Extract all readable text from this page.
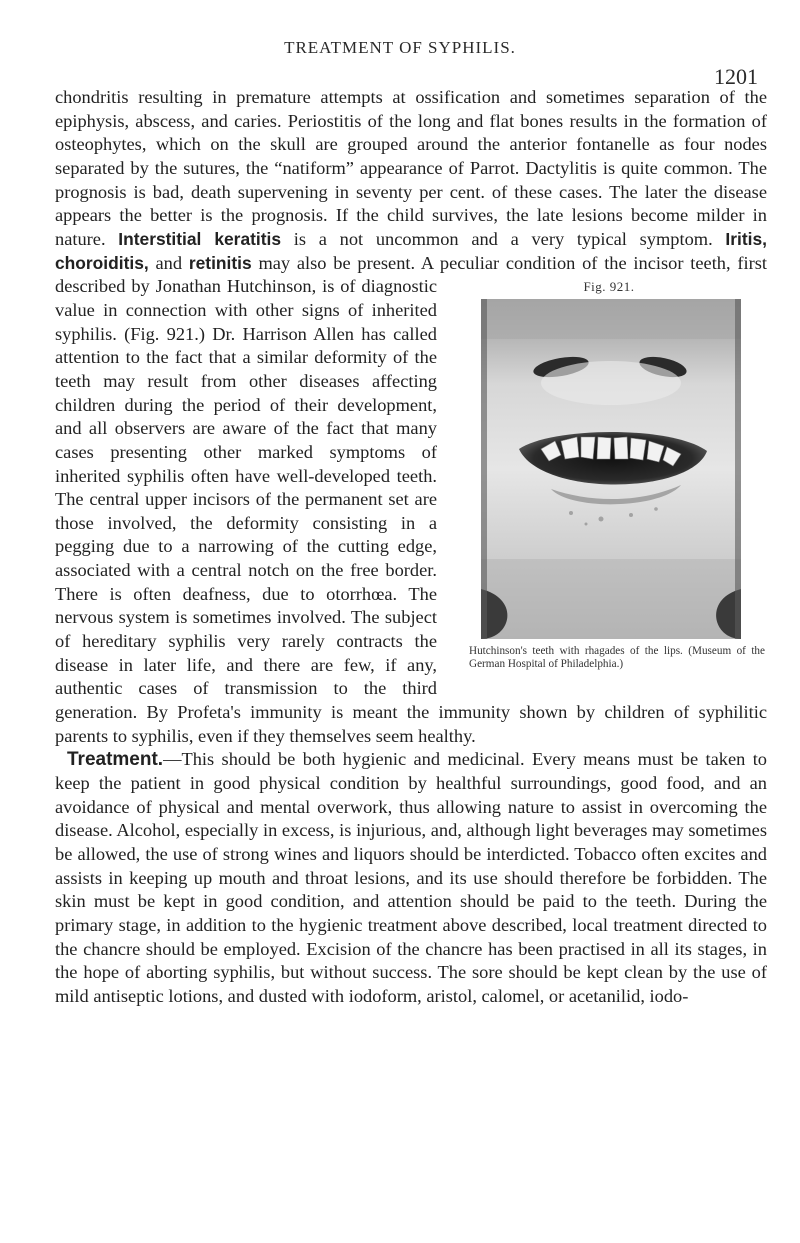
TREATMENT OF SYPHILIS.
1201

chondritis resulting in premature attempts at ossification and sometimes separation of the epiphysis, abscess, and caries. Periostitis of the long and flat bones results in the formation of osteophytes, which on the skull are grouped around the anterior fontanelle as four nodes separated by the sutures, the “natiform” appearance of Parrot. Dactylitis is quite common. The prognosis is bad, death supervening in seventy per cent. of these cases. The later the disease appears the better is the prognosis. If the child survives, the late lesions become milder in nature. Interstitial keratitis is a not uncommon and a very typical symptom. Iritis, choroiditis, and retinitis may also be present. A peculiar condition of the incisor teeth,
Fig. 921.
Hutchinson's teeth with rhagades of the lips. (Museum of the German Hospital of Philadelphia.)
first described by Jonathan Hutchinson, is of diagnostic value in connection with other signs of inherited syphilis. (Fig. 921.) Dr. Harrison Allen has called attention to the fact that a similar deformity of the teeth may result from other diseases affecting children during the period of their development, and all observers are aware of the fact that many cases presenting other marked symptoms of inherited syphilis often have well-developed teeth. The central upper incisors of the permanent set are those involved, the deformity consisting in a pegging due to a narrowing of the cutting edge, associated with a central notch on the free border. There is often deafness, due to otorrhœa. The nervous system is sometimes involved. The subject of hereditary syphilis very rarely contracts the disease in later life, and there are few, if any, authentic cases of transmission to the third generation. By Profeta's immunity is meant the immunity shown by children of syphilitic parents to syphilis, even if they themselves seem healthy.

Treatment.—This should be both hygienic and medicinal. Every means must be taken to keep the patient in good physical condition by healthful surroundings, good food, and an avoidance of physical and mental overwork, thus allowing nature to assist in overcoming the disease. Alcohol, especially in excess, is injurious, and, although light beverages may sometimes be allowed, the use of strong wines and liquors should be interdicted. Tobacco often excites and assists in keeping up mouth and throat lesions, and its use should therefore be forbidden. The skin must be kept in good condition, and attention should be paid to the teeth. During the primary stage, in addition to the hygienic treatment above described, local treatment directed to the chancre should be employed. Excision of the chancre has been practised in all its stages, in the hope of aborting syphilis, but without success. The sore should be kept clean by the use of mild antiseptic lotions, and dusted with iodoform, aristol, calomel, or acetanilid, iodo-
